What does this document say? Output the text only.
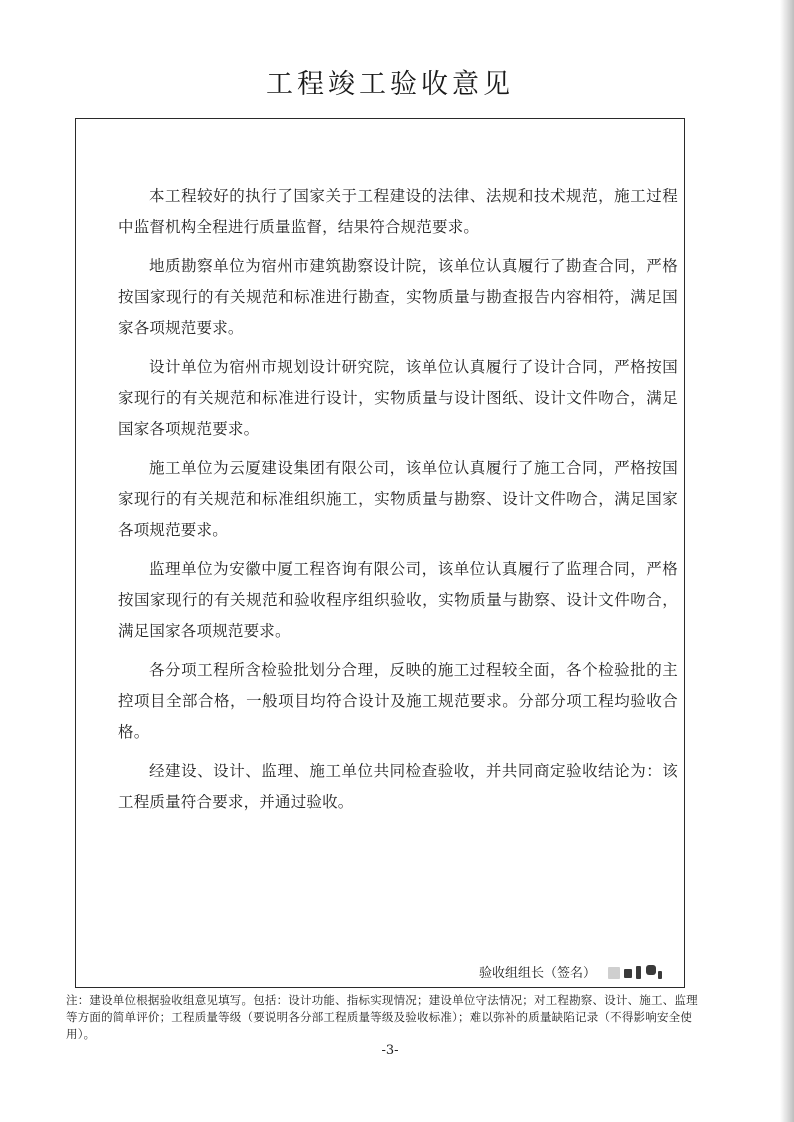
工程竣工验收意见

本工程较好的执行了国家关于工程建设的法律、法规和技术规范，施工过程中监督机构全程进行质量监督，结果符合规范要求。

地质勘察单位为宿州市建筑勘察设计院，该单位认真履行了勘查合同，严格按国家现行的有关规范和标准进行勘查，实物质量与勘查报告内容相符，满足国家各项规范要求。

设计单位为宿州市规划设计研究院，该单位认真履行了设计合同，严格按国家现行的有关规范和标准进行设计，实物质量与设计图纸、设计文件吻合，满足国家各项规范要求。

施工单位为云厦建设集团有限公司，该单位认真履行了施工合同，严格按国家现行的有关规范和标准组织施工，实物质量与勘察、设计文件吻合，满足国家各项规范要求。

监理单位为安徽中厦工程咨询有限公司，该单位认真履行了监理合同，严格按国家现行的有关规范和验收程序组织验收，实物质量与勘察、设计文件吻合，满足国家各项规范要求。

各分项工程所含检验批划分合理，反映的施工过程较全面，各个检验批的主控项目全部合格，一般项目均符合设计及施工规范要求。分部分项工程均验收合格。

经建设、设计、监理、施工单位共同检查验收，并共同商定验收结论为：该工程质量符合要求，并通过验收。

验收组组长（签名）
注：建设单位根据验收组意见填写。包括：设计功能、指标实现情况；建设单位守法情况；对工程勘察、设计、施工、监理等方面的简单评价；工程质量等级（要说明各分部工程质量等级及验收标准）；难以弥补的质量缺陷记录（不得影响安全使用）。
-3-
